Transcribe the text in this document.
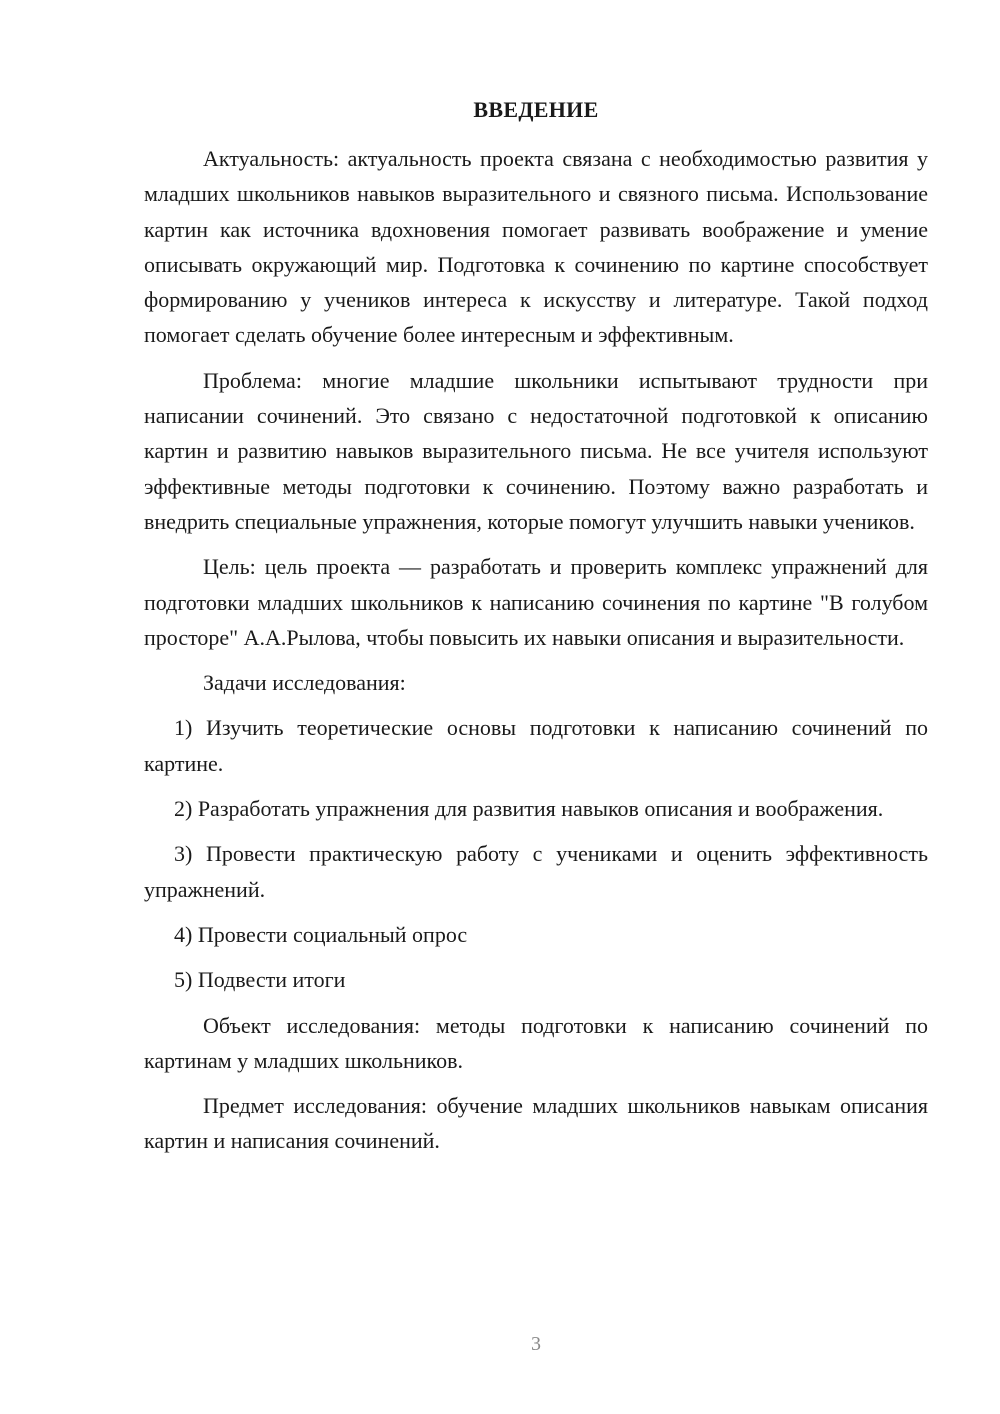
ВВЕДЕНИЕ

Актуальность: актуальность проекта связана с необходимостью развития у младших школьников навыков выразительного и связного письма. Использование картин как источника вдохновения помогает развивать воображение и умение описывать окружающий мир. Подготовка к сочинению по картине способствует формированию у учеников интереса к искусству и литературе. Такой подход помогает сделать обучение более интересным и эффективным.

Проблема: многие младшие школьники испытывают трудности при написании сочинений. Это связано с недостаточной подготовкой к описанию картин и развитию навыков выразительного письма. Не все учителя используют эффективные методы подготовки к сочинению. Поэтому важно разработать и внедрить специальные упражнения, которые помогут улучшить навыки учеников.

Цель: цель проекта — разработать и проверить комплекс упражнений для подготовки младших школьников к написанию сочинения по картине "В голубом просторе" А.А.Рылова, чтобы повысить их навыки описания и выразительности.

Задачи исследования:

1) Изучить теоретические основы подготовки к написанию сочинений по картине.

2) Разработать упражнения для развития навыков описания и воображения.

3) Провести практическую работу с учениками и оценить эффективность упражнений.

4) Провести социальный опрос

5) Подвести итоги

Объект исследования: методы подготовки к написанию сочинений по картинам у младших школьников.

Предмет исследования: обучение младших школьников навыкам описания картин и написания сочинений.

3
